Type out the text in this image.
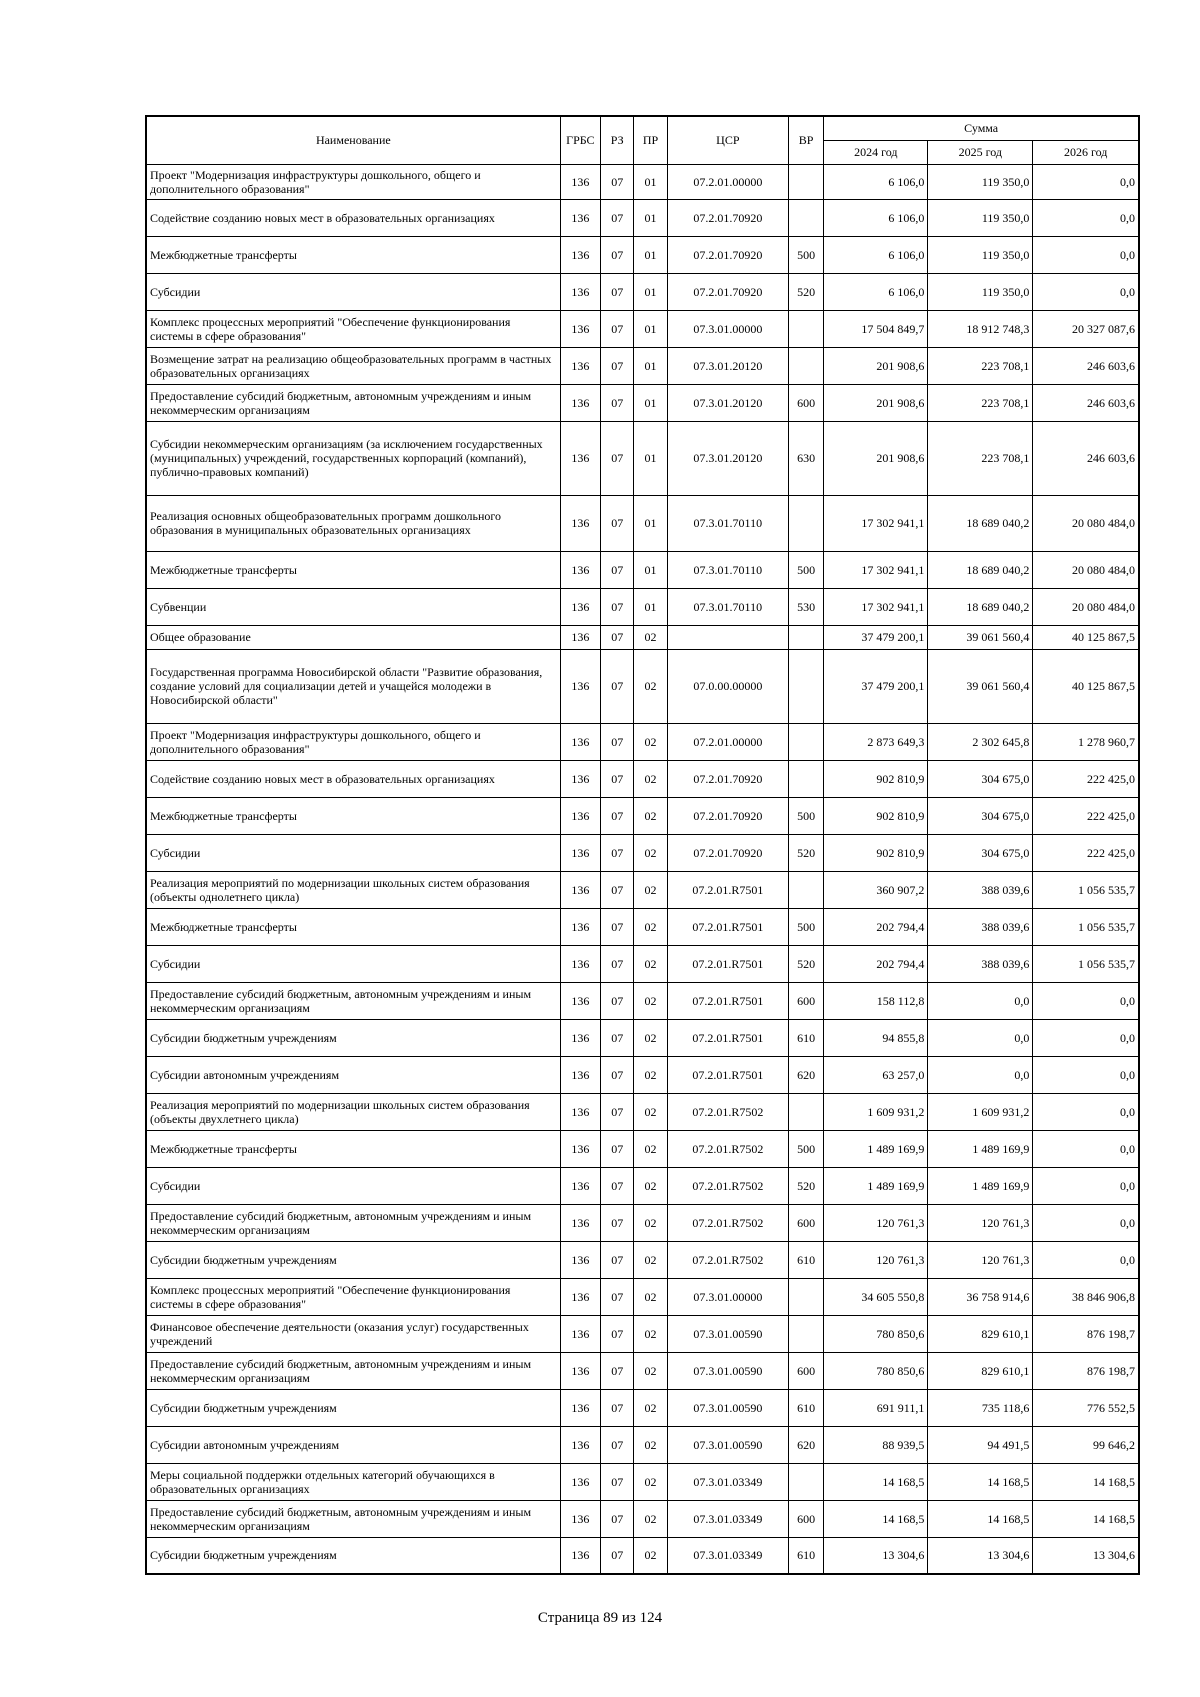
Наименование	ГРБС	РЗ	ПР	ЦСР	ВР	Сумма		
						2024 год	2025 год	2026 год
Проект "Модернизация инфраструктуры дошкольного, общего и дополнительного образования"	136	07	01	07.2.01.00000		6 106,0	119 350,0	0,0
Содействие созданию новых мест в образовательных организациях	136	07	01	07.2.01.70920		6 106,0	119 350,0	0,0
Межбюджетные трансферты	136	07	01	07.2.01.70920	500	6 106,0	119 350,0	0,0
Субсидии	136	07	01	07.2.01.70920	520	6 106,0	119 350,0	0,0
Комплекс процессных мероприятий "Обеспечение функционирования системы в сфере образования"	136	07	01	07.3.01.00000		17 504 849,7	18 912 748,3	20 327 087,6
Возмещение затрат на реализацию общеобразовательных программ в частных образовательных организациях	136	07	01	07.3.01.20120		201 908,6	223 708,1	246 603,6
Предоставление субсидий бюджетным, автономным учреждениям и иным некоммерческим организациям	136	07	01	07.3.01.20120	600	201 908,6	223 708,1	246 603,6
Субсидии некоммерческим организациям (за исключением государственных (муниципальных) учреждений, государственных корпораций (компаний), публично-правовых компаний)	136	07	01	07.3.01.20120	630	201 908,6	223 708,1	246 603,6
Реализация основных общеобразовательных программ дошкольного образования в муниципальных образовательных организациях	136	07	01	07.3.01.70110		17 302 941,1	18 689 040,2	20 080 484,0
Межбюджетные трансферты	136	07	01	07.3.01.70110	500	17 302 941,1	18 689 040,2	20 080 484,0
Субвенции	136	07	01	07.3.01.70110	530	17 302 941,1	18 689 040,2	20 080 484,0
Общее образование	136	07	02			37 479 200,1	39 061 560,4	40 125 867,5
Государственная программа Новосибирской области "Развитие образования, создание условий для социализации детей и учащейся молодежи в Новосибирской области"	136	07	02	07.0.00.00000		37 479 200,1	39 061 560,4	40 125 867,5
Проект "Модернизация инфраструктуры дошкольного, общего и дополнительного образования"	136	07	02	07.2.01.00000		2 873 649,3	2 302 645,8	1 278 960,7
Содействие созданию новых мест в образовательных организациях	136	07	02	07.2.01.70920		902 810,9	304 675,0	222 425,0
Межбюджетные трансферты	136	07	02	07.2.01.70920	500	902 810,9	304 675,0	222 425,0
Субсидии	136	07	02	07.2.01.70920	520	902 810,9	304 675,0	222 425,0
Реализация мероприятий по модернизации школьных систем образования (объекты однолетнего цикла)	136	07	02	07.2.01.R7501		360 907,2	388 039,6	1 056 535,7
Межбюджетные трансферты	136	07	02	07.2.01.R7501	500	202 794,4	388 039,6	1 056 535,7
Субсидии	136	07	02	07.2.01.R7501	520	202 794,4	388 039,6	1 056 535,7
Предоставление субсидий бюджетным, автономным учреждениям и иным некоммерческим организациям	136	07	02	07.2.01.R7501	600	158 112,8	0,0	0,0
Субсидии бюджетным учреждениям	136	07	02	07.2.01.R7501	610	94 855,8	0,0	0,0
Субсидии автономным учреждениям	136	07	02	07.2.01.R7501	620	63 257,0	0,0	0,0
Реализация мероприятий по модернизации школьных систем образования (объекты двухлетнего цикла)	136	07	02	07.2.01.R7502		1 609 931,2	1 609 931,2	0,0
Межбюджетные трансферты	136	07	02	07.2.01.R7502	500	1 489 169,9	1 489 169,9	0,0
Субсидии	136	07	02	07.2.01.R7502	520	1 489 169,9	1 489 169,9	0,0
Предоставление субсидий бюджетным, автономным учреждениям и иным некоммерческим организациям	136	07	02	07.2.01.R7502	600	120 761,3	120 761,3	0,0
Субсидии бюджетным учреждениям	136	07	02	07.2.01.R7502	610	120 761,3	120 761,3	0,0
Комплекс процессных мероприятий "Обеспечение функционирования системы в сфере образования"	136	07	02	07.3.01.00000		34 605 550,8	36 758 914,6	38 846 906,8
Финансовое обеспечение деятельности (оказания услуг) государственных учреждений	136	07	02	07.3.01.00590		780 850,6	829 610,1	876 198,7
Предоставление субсидий бюджетным, автономным учреждениям и иным некоммерческим организациям	136	07	02	07.3.01.00590	600	780 850,6	829 610,1	876 198,7
Субсидии бюджетным учреждениям	136	07	02	07.3.01.00590	610	691 911,1	735 118,6	776 552,5
Субсидии автономным учреждениям	136	07	02	07.3.01.00590	620	88 939,5	94 491,5	99 646,2
Меры социальной поддержки отдельных категорий обучающихся в образовательных организациях	136	07	02	07.3.01.03349		14 168,5	14 168,5	14 168,5
Предоставление субсидий бюджетным, автономным учреждениям и иным некоммерческим организациям	136	07	02	07.3.01.03349	600	14 168,5	14 168,5	14 168,5
Субсидии бюджетным учреждениям	136	07	02	07.3.01.03349	610	13 304,6	13 304,6	13 304,6
Страница 89 из 124
